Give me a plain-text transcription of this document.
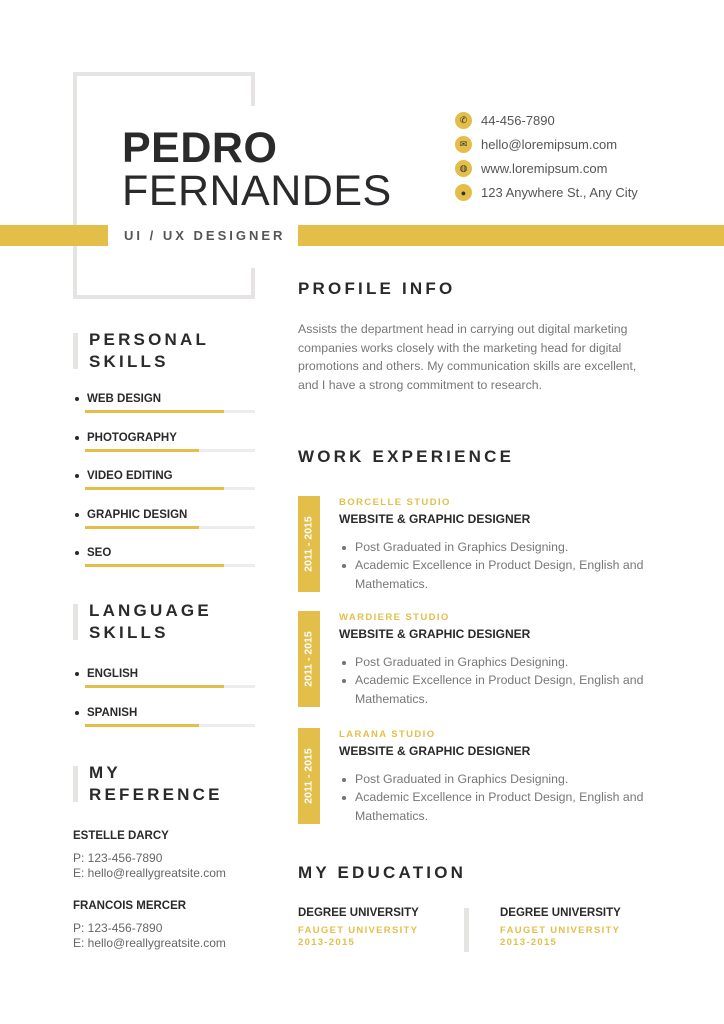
PEDRO
FERNANDES
UI / UX DESIGNER
✆	44-456-7890
✉	hello@loremipsum.com
◍	www.loremipsum.com
●	123 Anywhere St., Any City
PERSONAL
SKILLS
WEB DESIGN
PHOTOGRAPHY
VIDEO EDITING
GRAPHIC DESIGN
SEO
LANGUAGE
SKILLS
ENGLISH
SPANISH
MY
REFERENCE
ESTELLE DARCY
P: 123-456-7890
E: hello@reallygreatsite.com
FRANCOIS MERCER
P: 123-456-7890
E: hello@reallygreatsite.com
PROFILE INFO
Assists the department head in carrying out digital marketing companies works closely with the marketing head for digital promotions and others. My communication skills are excellent, and I have a strong commitment to research.
WORK EXPERIENCE
2011 - 2015
BORCELLE STUDIO
WEBSITE & GRAPHIC DESIGNER
Post Graduated in Graphics Designing.
Academic Excellence in Product Design, English and Mathematics.
2011 - 2015
WARDIERE STUDIO
WEBSITE & GRAPHIC DESIGNER
Post Graduated in Graphics Designing.
Academic Excellence in Product Design, English and Mathematics.
2011 - 2015
LARANA STUDIO
WEBSITE & GRAPHIC DESIGNER
Post Graduated in Graphics Designing.
Academic Excellence in Product Design, English and Mathematics.
MY EDUCATION
DEGREE UNIVERSITY
FAUGET UNIVERSITY
2013-2015
DEGREE UNIVERSITY
FAUGET UNIVERSITY
2013-2015
